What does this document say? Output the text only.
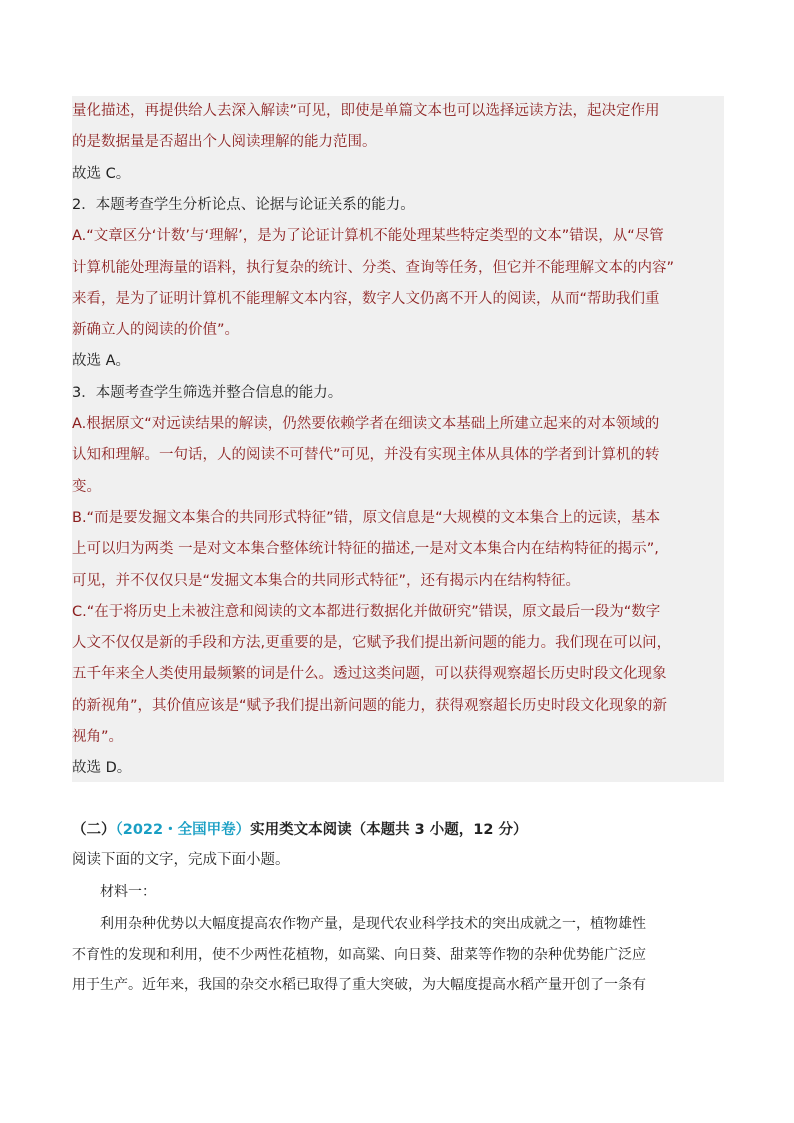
量化描述，再提供给人去深入解读”可见，即使是单篇文本也可以选择远读方法，起决定作用
的是数据量是否超出个人阅读理解的能力范围。
故选 C。
2．本题考查学生分析论点、论据与论证关系的能力。
A.“文章区分‘计数’与‘理解’，是为了论证计算机不能处理某些特定类型的文本”错误，从“尽管
计算机能处理海量的语料，执行复杂的统计、分类、查询等任务，但它并不能理解文本的内容”
来看，是为了证明计算机不能理解文本内容，数字人文仍离不开人的阅读，从而“帮助我们重
新确立人的阅读的价值”。
故选 A。
3．本题考查学生筛选并整合信息的能力。
A.根据原文“对远读结果的解读，仍然要依赖学者在细读文本基础上所建立起来的对本领域的
认知和理解。一句话，人的阅读不可替代”可见，并没有实现主体从具体的学者到计算机的转
变。
B.“而是要发掘文本集合的共同形式特征”错，原文信息是“大规模的文本集合上的远读，基本
上可以归为两类 一是对文本集合整体统计特征的描述,一是对文本集合内在结构特征的揭示”,
可见，并不仅仅只是“发掘文本集合的共同形式特征”，还有揭示内在结构特征。
C.“在于将历史上未被注意和阅读的文本都进行数据化并做研究”错误，原文最后一段为“数字
人文不仅仅是新的手段和方法,更重要的是，它赋予我们提出新问题的能力。我们现在可以问，
五千年来全人类使用最频繁的词是什么。透过这类问题，可以获得观察超长历史时段文化现象
的新视角”，其价值应该是“赋予我们提出新问题的能力，获得观察超长历史时段文化现象的新
视角”。
故选 D。
（二）（2022・全国甲卷）实用类文本阅读（本题共 3 小题，12 分）
阅读下面的文字，完成下面小题。
材料一：
利用杂种优势以大幅度提高农作物产量，是现代农业科学技术的突出成就之一，植物雄性
不育性的发现和利用，使不少两性花植物，如高粱、向日葵、甜菜等作物的杂种优势能广泛应
用于生产。近年来，我国的杂交水稻已取得了重大突破，为大幅度提高水稻产量开创了一条有
